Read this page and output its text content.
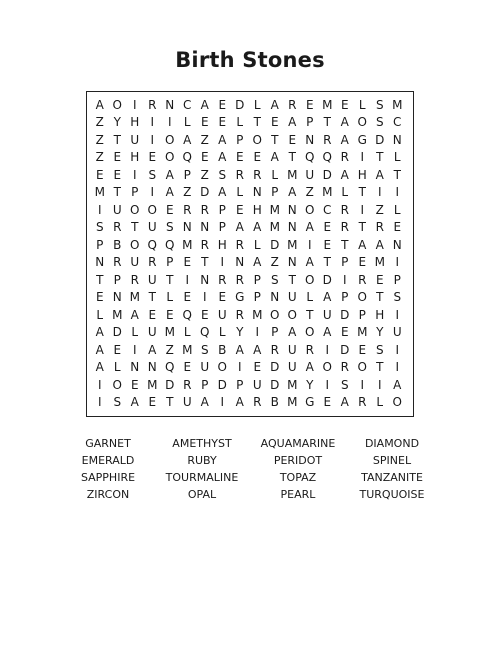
Birth Stones
A O I R N C A E D L A R E M E L S M
Z Y H I	I	L E E L T E A P T A O S C
Z T U I O A Z A P O T E N R A G D N
Z E H E O Q E A E E A T Q Q R I	T L
E E I S A P Z S R R L M U D A H A T
M T P	I A Z D A L N P A Z M L T	I	I
I U O O E R R P E H M N O C R I Z L
S R T U S N N P A A M N A E R T R E
P B O Q Q M R H R L D M I E T A A N
N R U R P E T	I N A Z N A T P E M I
T P R U T	I N R R P S T O D I R E P
E N M T L E I E G P N U L A P O T S
L M A E E Q E U R M O O T U D P H I
A D L U M L Q L Y	I	P A O A E M Y U
A E I A Z M S B A A R U R I D E S I
A L N N Q E U O I E D U A O R O T	I
I O E M D R P D P U D M Y	I S I	I A
I S A E T U A I A R B M G E A R L O
GARNET	AMETHYST	AQUAMARINE	DIAMOND
EMERALD	RUBY	PERIDOT	SPINEL
SAPPHIRE	TOURMALINE	TOPAZ	TANZANITE
ZIRCON	OPAL	PEARL	TURQUOISE
